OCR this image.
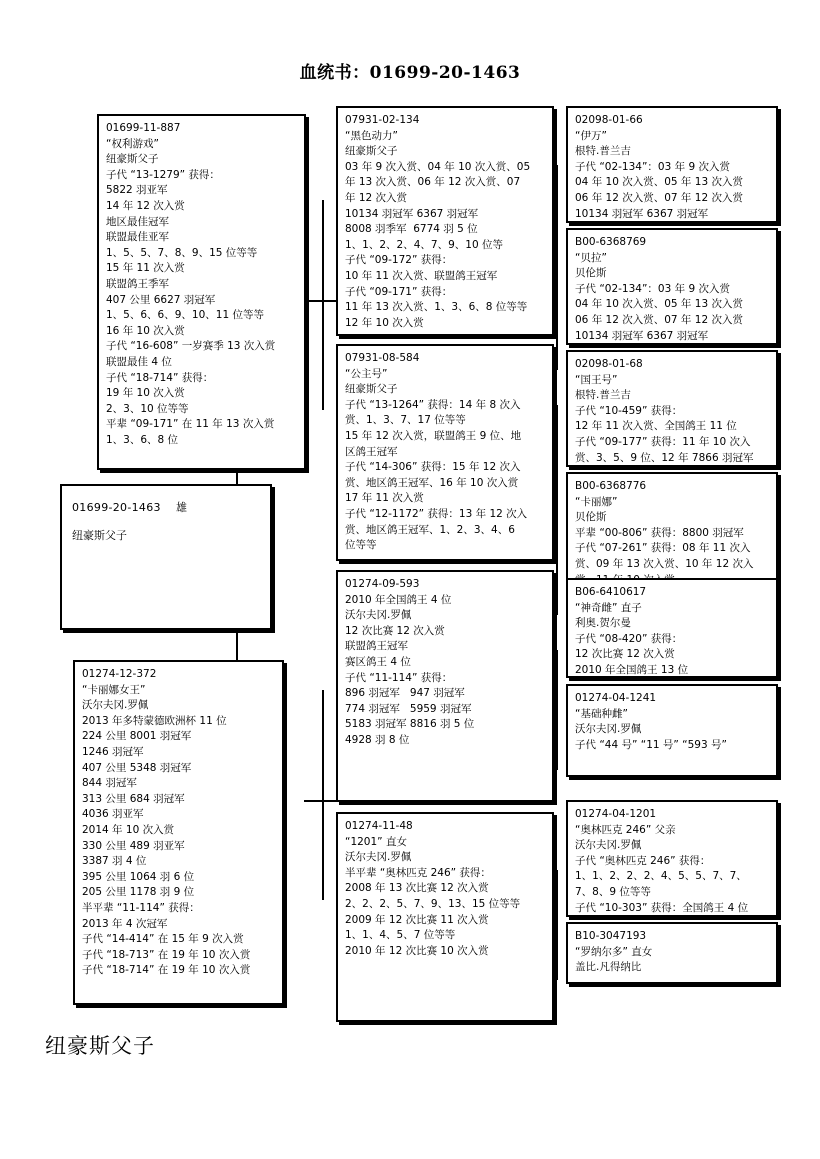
血统书：01699-20-1463
01699-20-1463    雄
纽豪斯父子
01699-11-887
“权利游戏”
纽豪斯父子
子代 “13-1279” 获得：
5822 羽亚军
14 年 12 次入赏
地区最佳冠军
联盟最佳亚军
1、5、5、7、8、9、15 位等等
15 年 11 次入赏
联盟鸽王季军
407 公里 6627 羽冠军
1、5、6、6、9、10、11 位等等
16 年 10 次入赏
子代 “16-608” 一岁赛季 13 次入赏
联盟最佳 4 位
子代 “18-714” 获得：
19 年 10 次入赏
2、3、10 位等等
平辈 “09-171” 在 11 年 13 次入赏
1、3、6、8 位
01274-12-372
“卡丽娜女王”
沃尔夫冈.罗佩
2013 年多特蒙德欧洲杯 11 位
224 公里 8001 羽冠军
1246 羽冠军
407 公里 5348 羽冠军
844 羽冠军
313 公里 684 羽冠军
4036 羽亚军
2014 年 10 次入赏
330 公里 489 羽亚军
3387 羽 4 位
395 公里 1064 羽 6 位
205 公里 1178 羽 9 位
半平辈 “11-114” 获得：
2013 年 4 次冠军
子代 “14-414” 在 15 年 9 次入赏
子代 “18-713” 在 19 年 10 次入赏
子代 “18-714” 在 19 年 10 次入赏
07931-02-134
“黑色动力”
纽豪斯父子
03 年 9 次入赏、04 年 10 次入赏、05
年 13 次入赏、06 年 12 次入赏、07
年 12 次入赏
10134 羽冠军 6367 羽冠军
8008 羽季军  6774 羽 5 位
1、1、2、2、4、7、9、10 位等
子代 “09-172” 获得：
10 年 11 次入赏、联盟鸽王冠军
子代 “09-171” 获得：
11 年 13 次入赏、1、3、6、8 位等等
12 年 10 次入赏
07931-08-584
“公主号”
纽豪斯父子
子代 “13-1264” 获得：14 年 8 次入
赏、1、3、7、17 位等等
15 年 12 次入赏，联盟鸽王 9 位、地
区鸽王冠军
子代 “14-306” 获得：15 年 12 次入
赏、地区鸽王冠军、16 年 10 次入赏
17 年 11 次入赏
子代 “12-1172” 获得：13 年 12 次入
赏、地区鸽王冠军、1、2、3、4、6
位等等
01274-09-593
2010 年全国鸽王 4 位
沃尔夫冈.罗佩
12 次比赛 12 次入赏
联盟鸽王冠军
赛区鸽王 4 位
子代 “11-114” 获得：
896 羽冠军   947 羽冠军
774 羽冠军   5959 羽冠军
5183 羽冠军 8816 羽 5 位
4928 羽 8 位
01274-11-48
“1201” 直女
沃尔夫冈.罗佩
半平辈 “奥林匹克 246” 获得：
2008 年 13 次比赛 12 次入赏
2、2、2、5、7、9、13、15 位等等
2009 年 12 次比赛 11 次入赏
1、1、4、5、7 位等等
2010 年 12 次比赛 10 次入赏
02098-01-66
“伊万”
根特.普兰吉
子代 “02-134”：03 年 9 次入赏
04 年 10 次入赏、05 年 13 次入赏
06 年 12 次入赏、07 年 12 次入赏
10134 羽冠军 6367 羽冠军
B00-6368769
“贝拉”
贝伦斯
子代 “02-134”：03 年 9 次入赏
04 年 10 次入赏、05 年 13 次入赏
06 年 12 次入赏、07 年 12 次入赏
10134 羽冠军 6367 羽冠军
02098-01-68
“国王号”
根特.普兰吉
子代 “10-459” 获得：
12 年 11 次入赏、全国鸽王 11 位
子代 “09-177” 获得：11 年 10 次入
赏、3、5、9 位、12 年 7866 羽冠军
B00-6368776
“卡丽娜”
贝伦斯
平辈 “00-806” 获得：8800 羽冠军
子代 “07-261” 获得：08 年 11 次入
赏、09 年 13 次入赏、10 年 12 次入
B06-6410617
“神奇雌” 直子
利奥.贺尔曼
子代 “08-420” 获得：
12 次比赛 12 次入赏
2010 年全国鸽王 13 位
01274-04-1241
“基础种雌”
沃尔夫冈.罗佩
子代 “44 号” “11 号” “593 号”
01274-04-1201
“奥林匹克 246” 父亲
沃尔夫冈.罗佩
子代 “奥林匹克 246” 获得：
1、1、2、2、2、4、5、5、7、7、
7、8、9 位等等
子代 “10-303” 获得：全国鸽王 4 位
B10-3047193
“罗纳尔多” 直女
盖比.凡得纳比
纽豪斯父子
